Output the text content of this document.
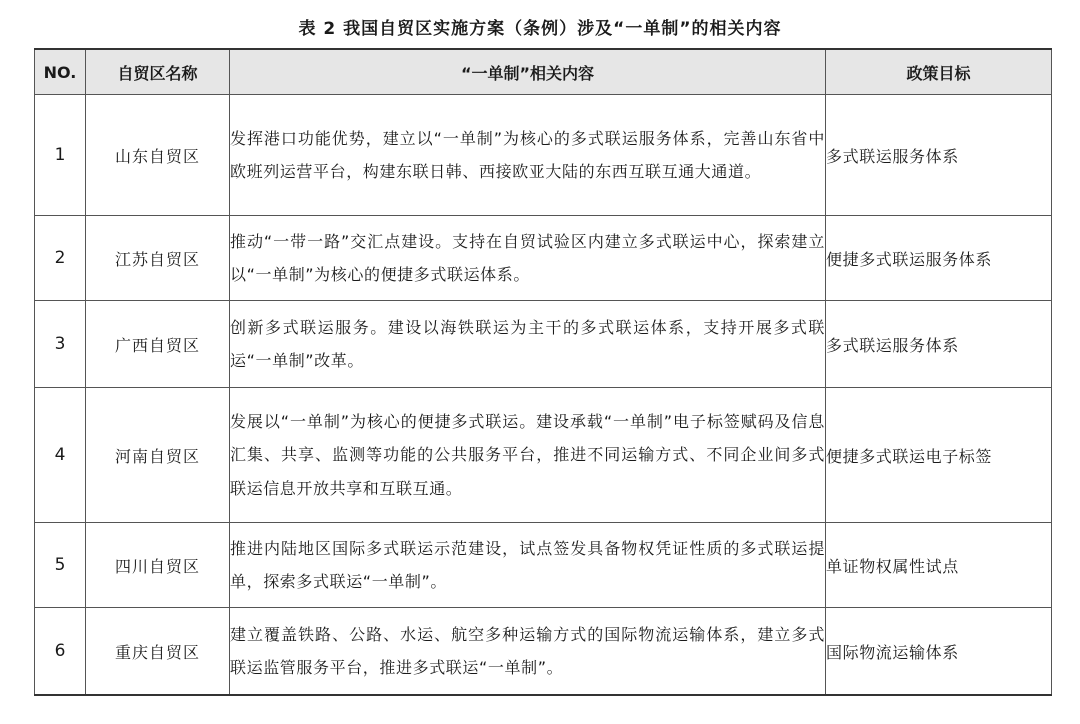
表 2 我国自贸区实施方案（条例）涉及“一单制”的相关内容
NO.	自贸区名称	“一单制”相关内容	政策目标
1	山东自贸区	发挥港口功能优势，建立以“一单制”为核心的多式联运服务体系，完善山东省中欧班列运营平台，构建东联日韩、西接欧亚大陆的东西互联互通大通道。	多式联运服务体系
2	江苏自贸区	推动“一带一路”交汇点建设。支持在自贸试验区内建立多式联运中心，探索建立以“一单制”为核心的便捷多式联运体系。	便捷多式联运服务体系
3	广西自贸区	创新多式联运服务。建设以海铁联运为主干的多式联运体系，支持开展多式联运“一单制”改革。	多式联运服务体系
4	河南自贸区	发展以“一单制”为核心的便捷多式联运。建设承载“一单制”电子标签赋码及信息汇集、共享、监测等功能的公共服务平台，推进不同运输方式、不同企业间多式联运信息开放共享和互联互通。	便捷多式联运电子标签
5	四川自贸区	推进内陆地区国际多式联运示范建设，试点签发具备物权凭证性质的多式联运提单，探索多式联运“一单制”。	单证物权属性试点
6	重庆自贸区	建立覆盖铁路、公路、水运、航空多种运输方式的国际物流运输体系，建立多式联运监管服务平台，推进多式联运“一单制”。	国际物流运输体系
